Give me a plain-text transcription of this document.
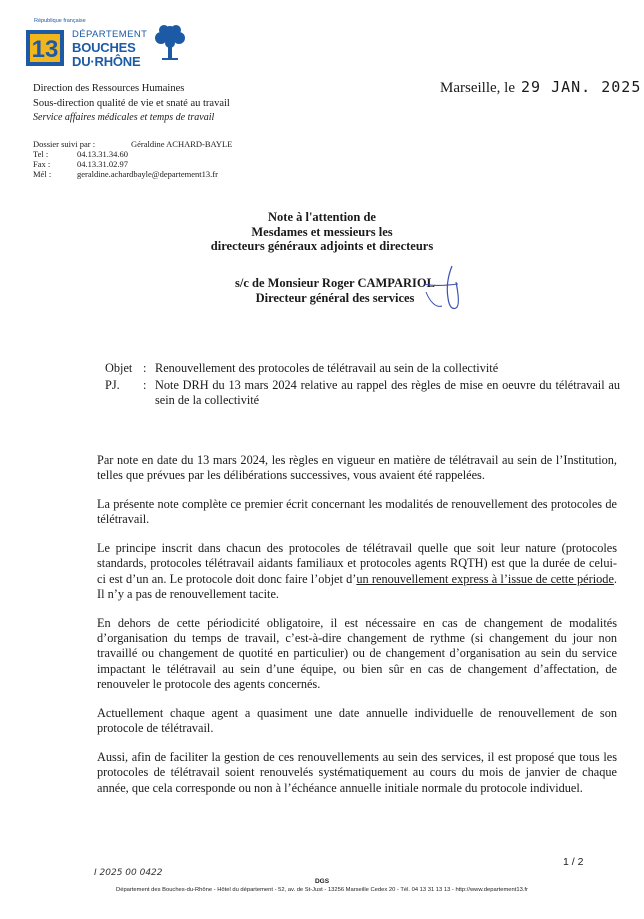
République française
13
DÉPARTEMENT
BOUCHES
DU·RHÔNE
Marseille, le 29 JAN. 2025
Direction des Ressources Humaines
Sous-direction qualité de vie et snaté au travail
Service affaires médicales et temps de travail
Dossier suivi par :	Géraldine ACHARD-BAYLE
Tel :	04.13.31.34.60
Fax :	04.13.31.02.97
Mél :	geraldine.achardbayle@departement13.fr
Note à l'attention de
Mesdames et messieurs les
directeurs généraux adjoints et directeurs
s/c de Monsieur Roger CAMPARIOL
Directeur général des services
Objet : Renouvellement des protocoles de télétravail au sein de la collectivité
PJ.	: Note DRH du 13 mars 2024 relative au rappel des règles de mise en oeuvre du télétravail au sein de la collectivité

Par note en date du 13 mars 2024, les règles en vigueur en matière de télétravail au sein de l’Institution, telles que prévues par les délibérations successives, vous avaient été rappelées.

La présente note complète ce premier écrit concernant les modalités de renouvellement des protocoles de télétravail.

Le principe inscrit dans chacun des protocoles de télétravail quelle que soit leur nature (protocoles standards, protocoles télétravail aidants familiaux et protocoles agents RQTH) est que la durée de celui-ci est d’un an. Le protocole doit donc faire l’objet d’un renouvellement express à l’issue de cette période. Il n’y a pas de renouvellement tacite.

En dehors de cette périodicité obligatoire, il est nécessaire en cas de changement de modalités d’organisation du temps de travail, c’est-à-dire changement de rythme (si changement du jour non travaillé ou changement de quotité en particulier) ou de changement d’organisation au sein du service impactant le télétravail au sein d’une équipe, ou bien sûr en cas de changement d’affectation, de renouveler le protocole des agents concernés.

Actuellement chaque agent a quasiment une date annuelle individuelle de renouvellement de son protocole de télétravail.

Aussi, afin de faciliter la gestion de ces renouvellements au sein des services, il est proposé que tous les protocoles de télétravail soient renouvelés systématiquement au cours du mois de janvier de chaque année, que cela corresponde ou non à l’échéance annuelle initiale normale du protocole individuel.

1 / 2
I 2025 00 0422
DGS
Département des Bouches-du-Rhône - Hôtel du département - 52, av. de St-Just - 13256 Marseille Cedex 20 - Tél. 04 13 31 13 13 - http://www.departement13.fr
